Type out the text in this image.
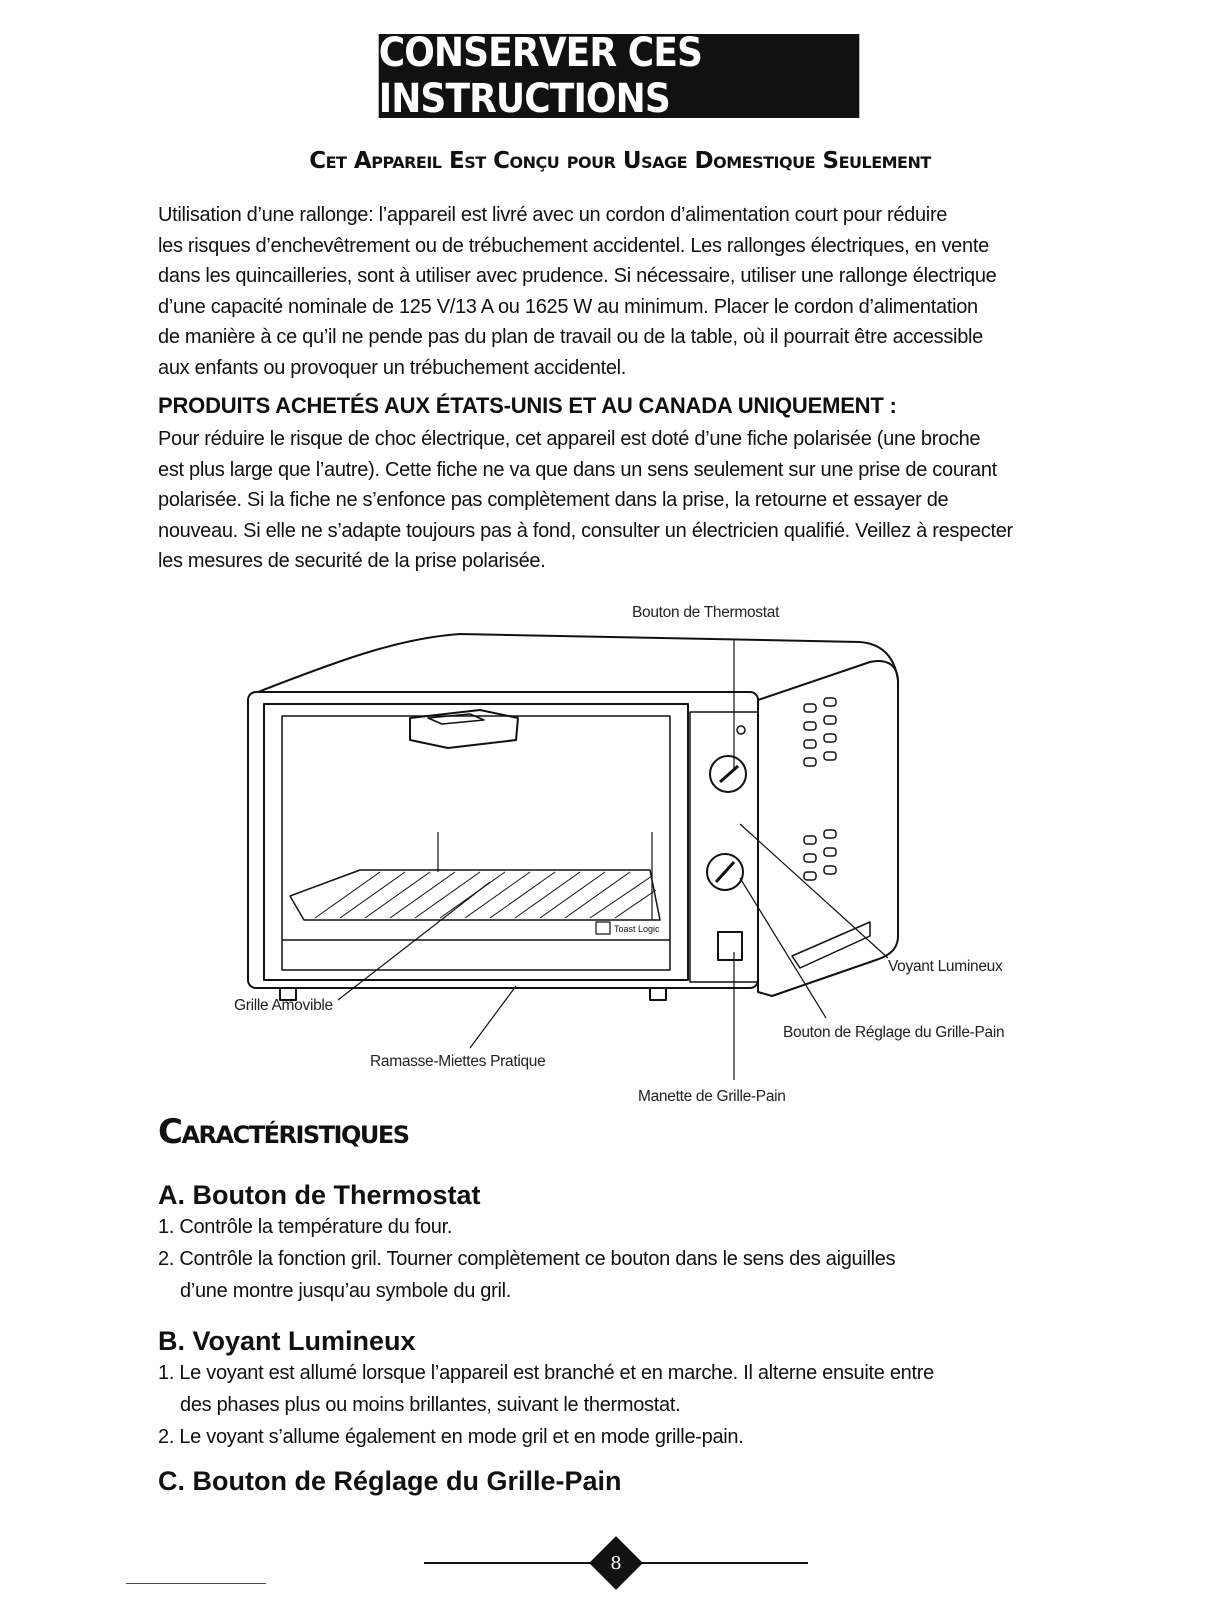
CONSERVER CES INSTRUCTIONS
Cet Appareil Est Conçu pour Usage Domestique Seulement
Utilisation d’une rallonge: l’appareil est livré avec un cordon d’alimentation court pour réduire
les risques d’enchevêtrement ou de trébuchement accidentel. Les rallonges électriques, en vente
dans les quincailleries, sont à utiliser avec prudence. Si nécessaire, utiliser une rallonge électrique
d’une capacité nominale de 125 V/13 A ou 1625 W au minimum. Placer le cordon d’alimentation
de manière à ce qu’il ne pende pas du plan de travail ou de la table, où il pourrait être accessible
aux enfants ou provoquer un trébuchement accidentel.
PRODUITS ACHETÉS AUX ÉTATS-UNIS ET AU CANADA UNIQUEMENT :
Pour réduire le risque de choc électrique, cet appareil est doté d’une fiche polarisée (une broche
est plus large que l’autre). Cette fiche ne va que dans un sens seulement sur une prise de courant
polarisée. Si la fiche ne s’enfonce pas complètement dans la prise, la retourne et essayer de
nouveau. Si elle ne s’adapte toujours pas à fond, consulter un électricien qualifié. Veillez à respecter
les mesures de securité de la prise polarisée.
Toast Logic
Bouton de Thermostat
Voyant Lumineux
Grille Amovible
Bouton de Réglage du Grille-Pain
Ramasse-Miettes Pratique
Manette de Grille-Pain
Caractéristiques
A. Bouton de Thermostat
1. Contrôle la température du four.
2. Contrôle la fonction gril. Tourner complètement ce bouton dans le sens des aiguilles
d’une montre jusqu’au symbole du gril.
B. Voyant Lumineux
1. Le voyant est allumé lorsque l’appareil est branché et en marche. Il alterne ensuite entre
des phases plus ou moins brillantes, suivant le thermostat.
2. Le voyant s’allume également en mode gril et en mode grille-pain.
C. Bouton de Réglage du Grille-Pain
8
